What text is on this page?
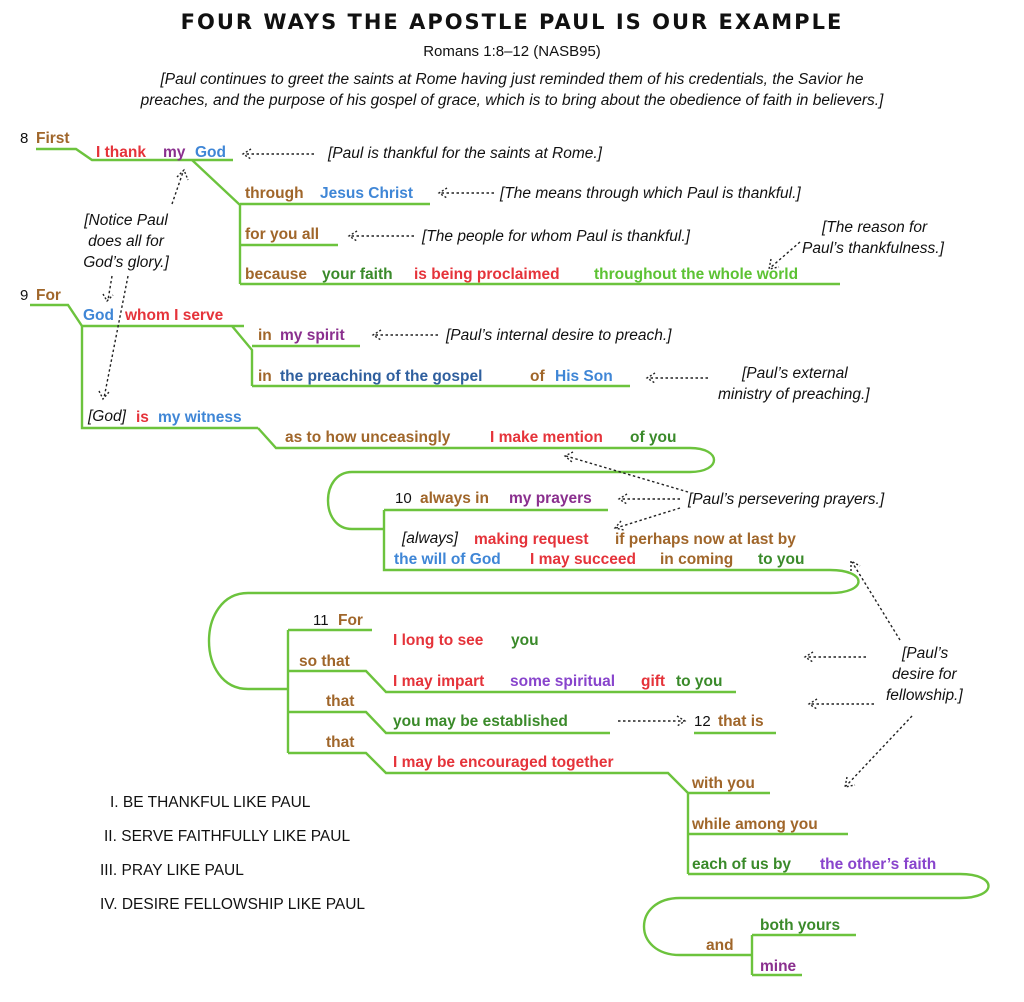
FOUR WAYS THE APOSTLE PAUL IS OUR EXAMPLE
Romans 1:8–12 (NASB95)
[Paul continues to greet the saints at Rome having just reminded them of his credentials, the Savior he
preaches, and the purpose of his gospel of grace, which is to bring about the obedience of faith in believers.]
8 First
I thank my God	[Paul is thankful for the saints at Rome.]
through Jesus Christ	[The means through which Paul is thankful.]
for you all	[The people for whom Paul is thankful.]
[The reason for
Paul’s thankfulness.]
because your faith is being proclaimed throughout the whole world
[Notice Paul
does all for
God’s glory.]
9 For
God whom I serve
in my spirit	[Paul’s internal desire to preach.]
in the preaching of the gospel	of His Son	[Paul’s external
ministry of preaching.]
[God] is my witness
as to how unceasingly	I make mention of you
10 always in my prayers	[Paul’s persevering prayers.]
[always] making request if perhaps now at last by
the will of God I may succeed in coming to you
11 For
I long to see you
so that
I may impart some spiritual gift to you
that
you may be established	12 that is
that
I may be encouraged together
[Paul’s
desire for
fellowship.]
with you
while among you
each of us by the other’s faith
and
both yours
mine
I. BE THANKFUL LIKE PAUL
II. SERVE FAITHFULLY LIKE PAUL
III. PRAY LIKE PAUL
IV. DESIRE FELLOWSHIP LIKE PAUL
